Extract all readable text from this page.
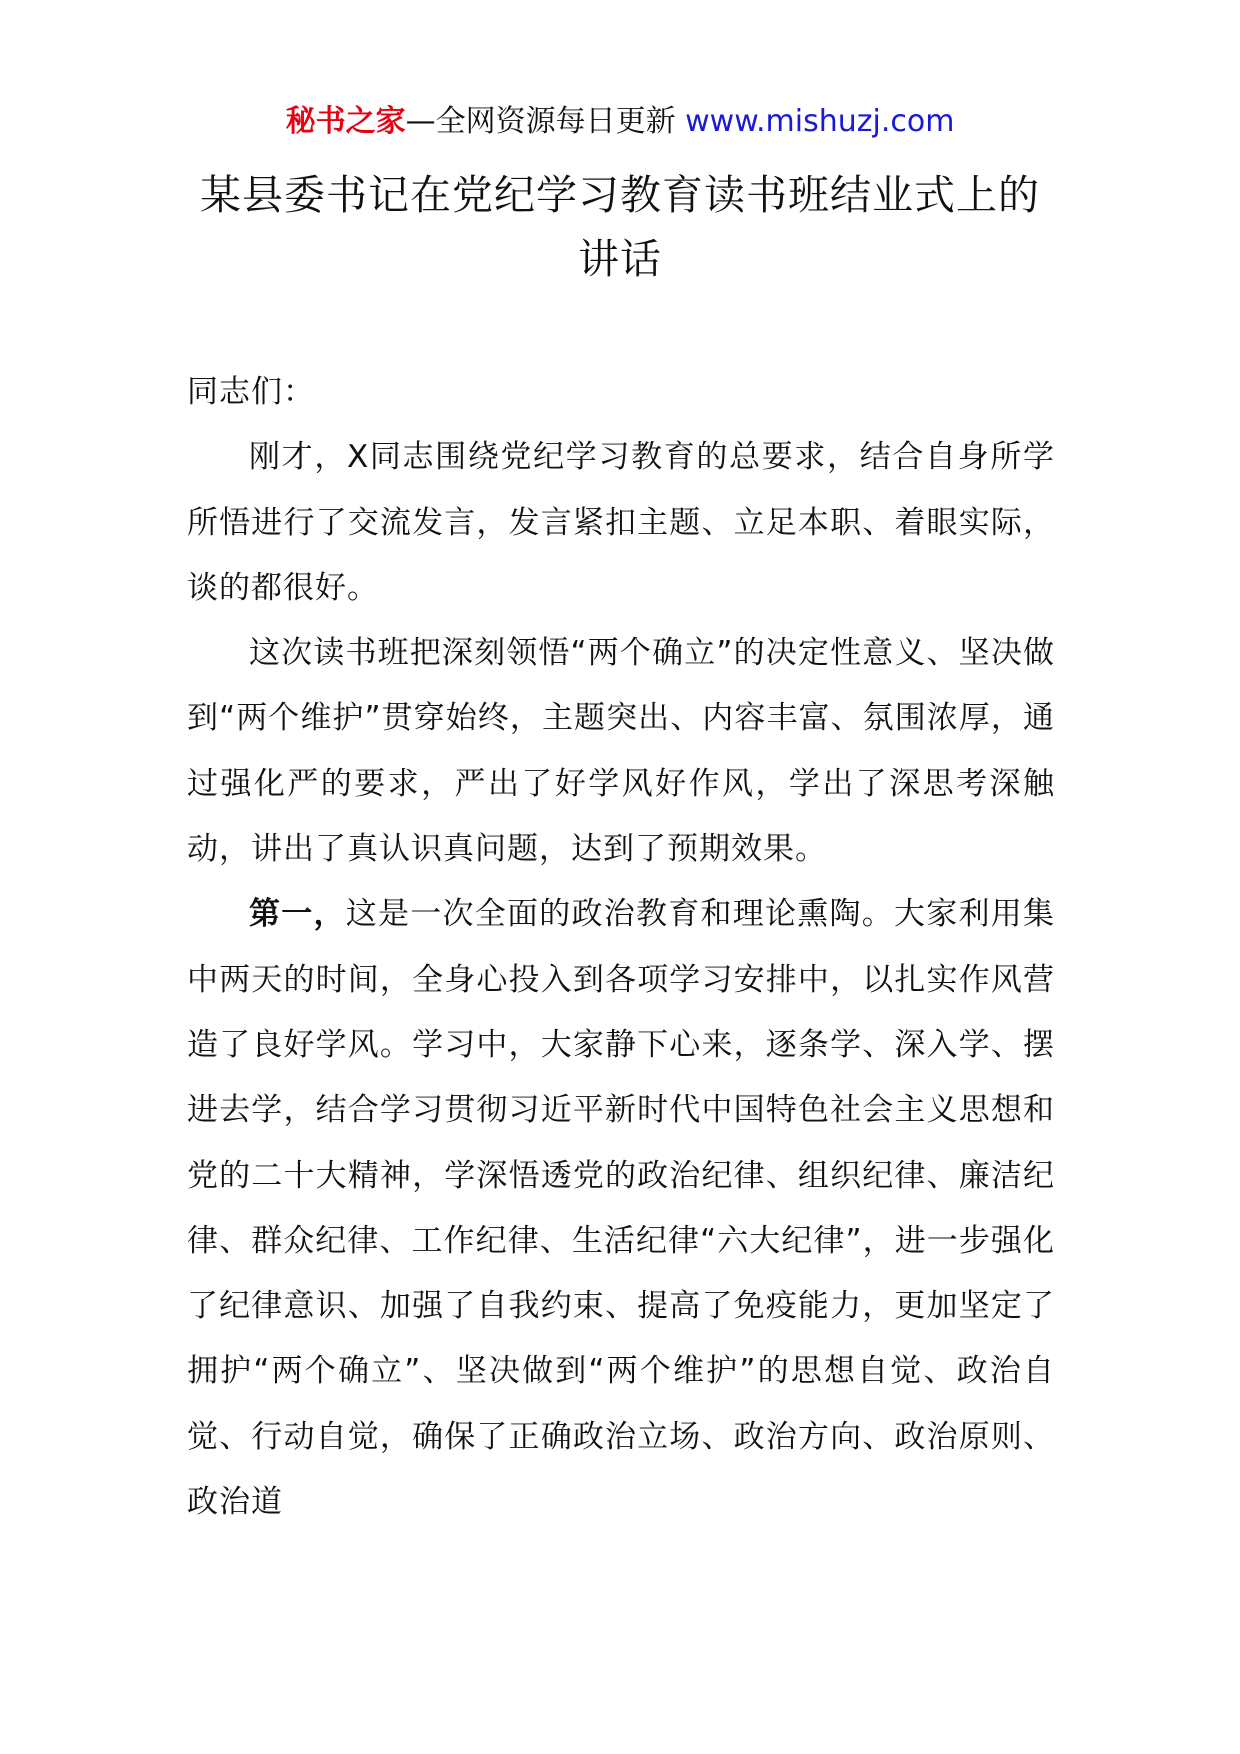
秘书之家—全网资源每日更新 www.mishuzj.com
某县委书记在党纪学习教育读书班结业式上的
讲话

同志们：

刚才，X同志围绕党纪学习教育的总要求，结合自身所学所悟进行了交流发言，发言紧扣主题、立足本职、着眼实际，谈的都很好。

这次读书班把深刻领悟“两个确立”的决定性意义、坚决做到“两个维护”贯穿始终，主题突出、内容丰富、氛围浓厚，通过强化严的要求，严出了好学风好作风，学出了深思考深触动，讲出了真认识真问题，达到了预期效果。

第一，这是一次全面的政治教育和理论熏陶。大家利用集中两天的时间，全身心投入到各项学习安排中，以扎实作风营造了良好学风。学习中，大家静下心来，逐条学、深入学、摆进去学，结合学习贯彻习近平新时代中国特色社会主义思想和党的二十大精神，学深悟透党的政治纪律、组织纪律、廉洁纪律、群众纪律、工作纪律、生活纪律“六大纪律”，进一步强化了纪律意识、加强了自我约束、提高了免疫能力，更加坚定了拥护“两个确立”、坚决做到“两个维护”的思想自觉、政治自觉、行动自觉，确保了正确政治立场、政治方向、政治原则、政治道
